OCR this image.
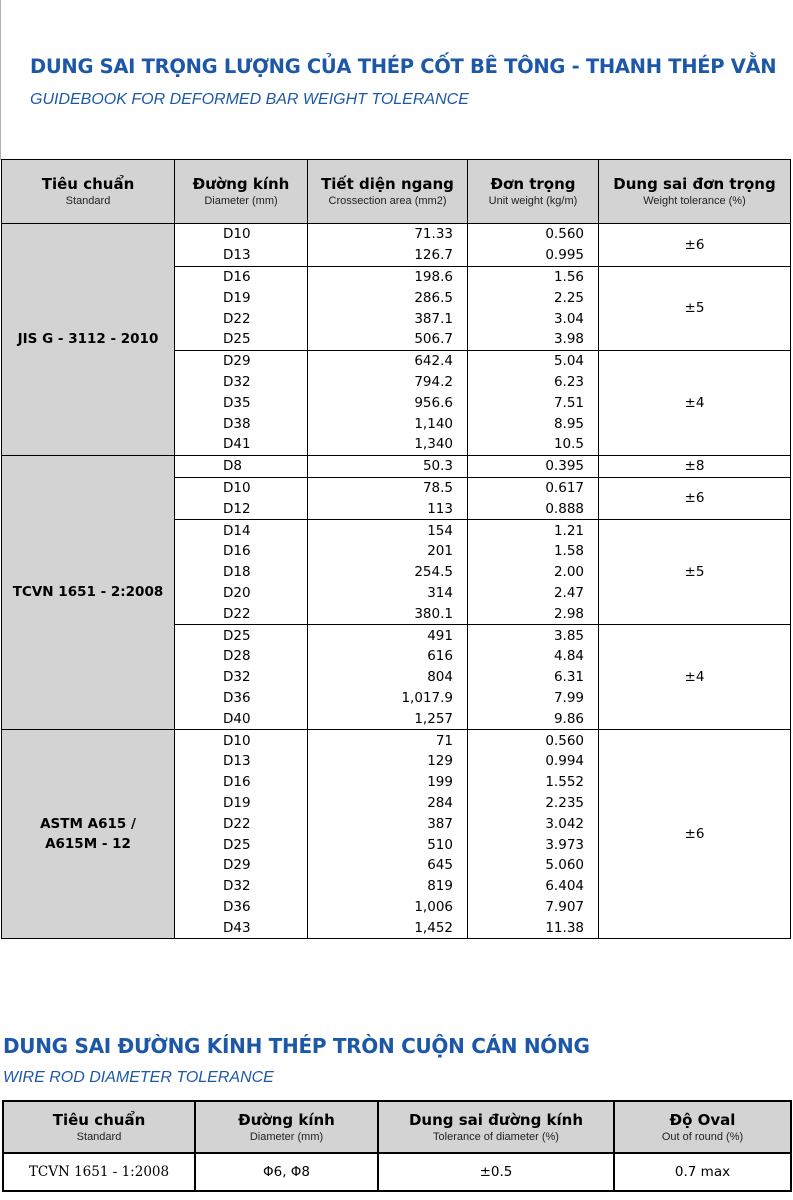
DUNG SAI TRỌNG LƯỢNG CỦA THÉP CỐT BÊ TÔNG - THANH THÉP VẰN

GUIDEBOOK FOR DEFORMED BAR WEIGHT TOLERANCE

Tiêu chuẩn
Standard	Đường kính
Diameter (mm)	Tiết diện ngang
Crossection area (mm2)	Đơn trọng
Unit weight (kg/m)	Dung sai đơn trọng
Weight tolerance (%)

JIS G - 3112 - 2010	D10	71.33	0.560	±6
	D13	126.7	0.995	
	D16	198.6	1.56	±5
	D19	286.5	2.25	
	D22	387.1	3.04	
	D25	506.7	3.98	
	D29	642.4	5.04	±4
	D32	794.2	6.23	
	D35	956.6	7.51	
	D38	1,140	8.95	
	D41	1,340	10.5	
TCVN 1651 - 2:2008	D8	50.3	0.395	±8
	D10	78.5	0.617	±6
	D12	113	0.888	
	D14	154	1.21	±5
	D16	201	1.58	
	D18	254.5	2.00	
	D20	314	2.47	
	D22	380.1	2.98	
	D25	491	3.85	±4
	D28	616	4.84	
	D32	804	6.31	
	D36	1,017.9	7.99	
	D40	1,257	9.86	
ASTM A615 /
A615M - 12	D10	71	0.560	±6
	D13	129	0.994	
	D16	199	1.552	
	D19	284	2.235	
	D22	387	3.042	
	D25	510	3.973	
	D29	645	5.060	
	D32	819	6.404	
	D36	1,006	7.907	
	D43	1,452	11.38	
DUNG SAI ĐƯỜNG KÍNH THÉP TRÒN CUỘN CÁN NÓNG

WIRE ROD DIAMETER TOLERANCE

Tiêu chuẩn
Standard	Đường kính
Diameter (mm)	Dung sai đường kính
Tolerance of diameter (%)	Độ Oval
Out of round (%)

TCVN 1651 - 1:2008	Φ6, Φ8	±0.5	0.7 max
